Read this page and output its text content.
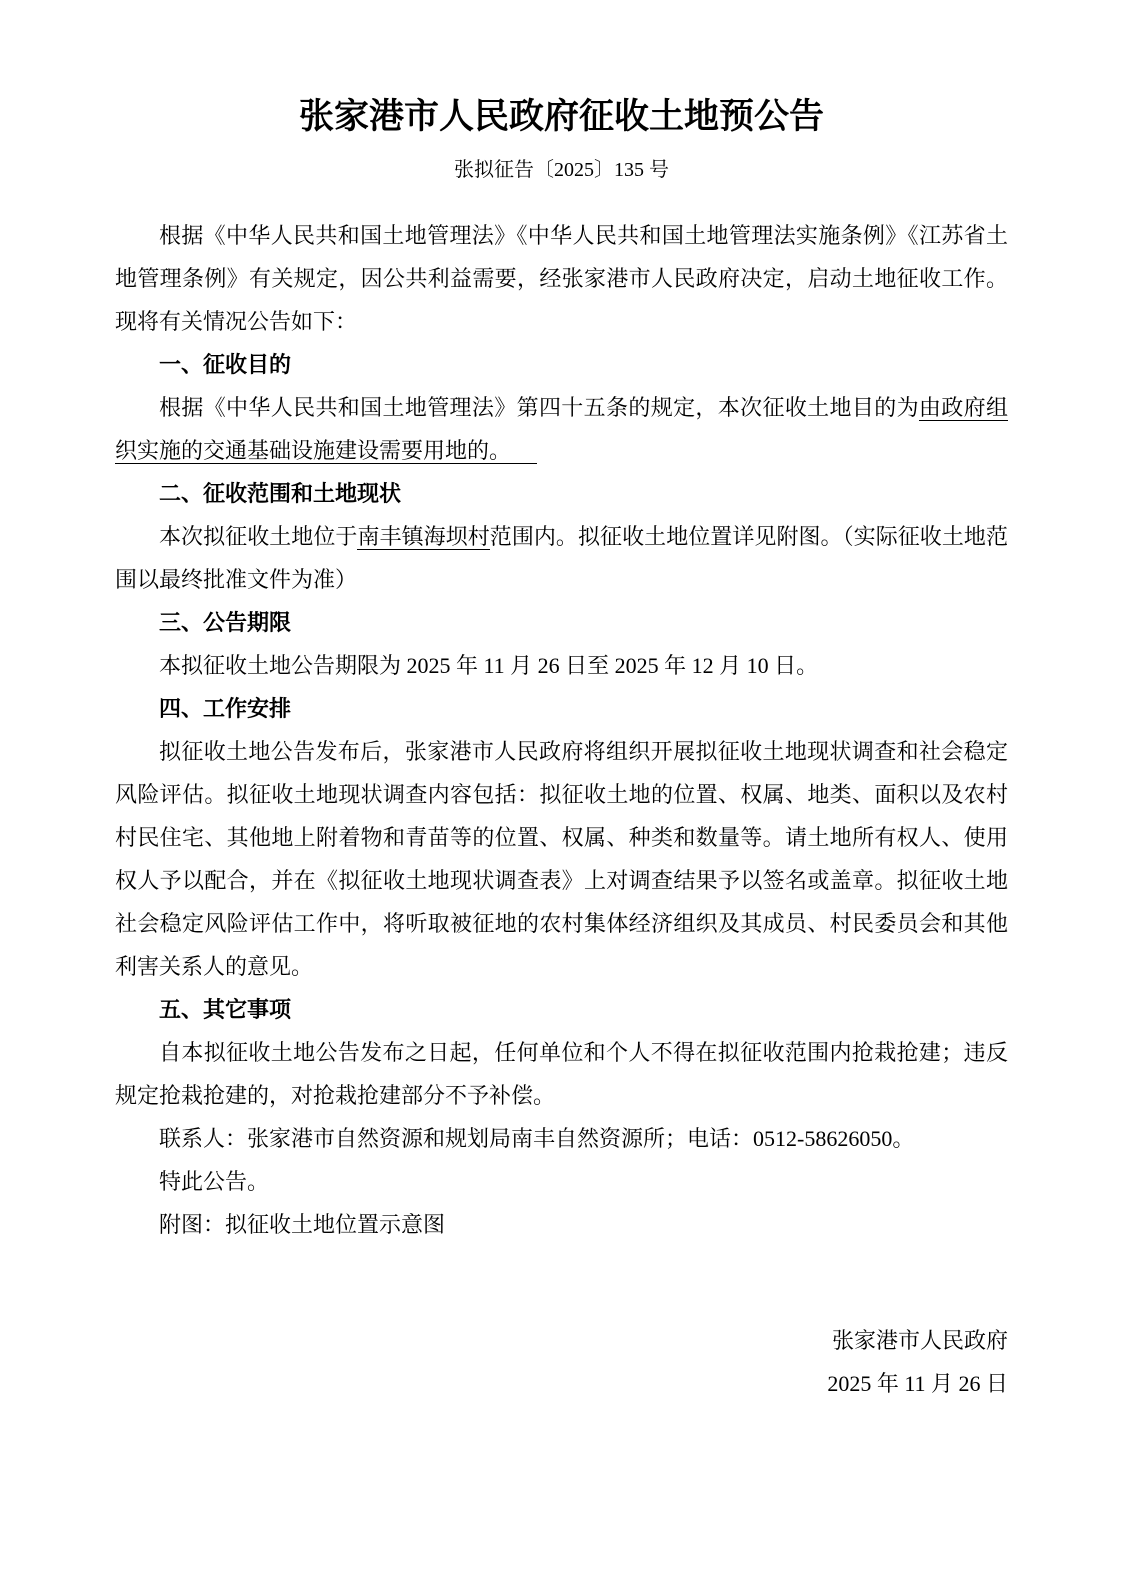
张家港市人民政府征收土地预公告
张拟征告〔2025〕135 号

根据《中华人民共和国土地管理法》《中华人民共和国土地管理法实施条例》《江苏省土地管理条例》有关规定，因公共利益需要，经张家港市人民政府决定，启动土地征收工作。现将有关情况公告如下：

一、征收目的

根据《中华人民共和国土地管理法》第四十五条的规定，本次征收土地目的为由政府组织实施的交通基础设施建设需要用地的。

二、征收范围和土地现状

本次拟征收土地位于南丰镇海坝村范围内。拟征收土地位置详见附图。（实际征收土地范围以最终批准文件为准）

三、公告期限

本拟征收土地公告期限为 2025 年 11 月 26 日至 2025 年 12 月 10 日。

四、工作安排

拟征收土地公告发布后，张家港市人民政府将组织开展拟征收土地现状调查和社会稳定风险评估。拟征收土地现状调查内容包括：拟征收土地的位置、权属、地类、面积以及农村村民住宅、其他地上附着物和青苗等的位置、权属、种类和数量等。请土地所有权人、使用权人予以配合，并在《拟征收土地现状调查表》上对调查结果予以签名或盖章。拟征收土地社会稳定风险评估工作中，将听取被征地的农村集体经济组织及其成员、村民委员会和其他利害关系人的意见。

五、其它事项

自本拟征收土地公告发布之日起，任何单位和个人不得在拟征收范围内抢栽抢建；违反规定抢栽抢建的，对抢栽抢建部分不予补偿。

联系人：张家港市自然资源和规划局南丰自然资源所；电话：0512-58626050。

特此公告。

附图：拟征收土地位置示意图

张家港市人民政府

2025 年 11 月 26 日
